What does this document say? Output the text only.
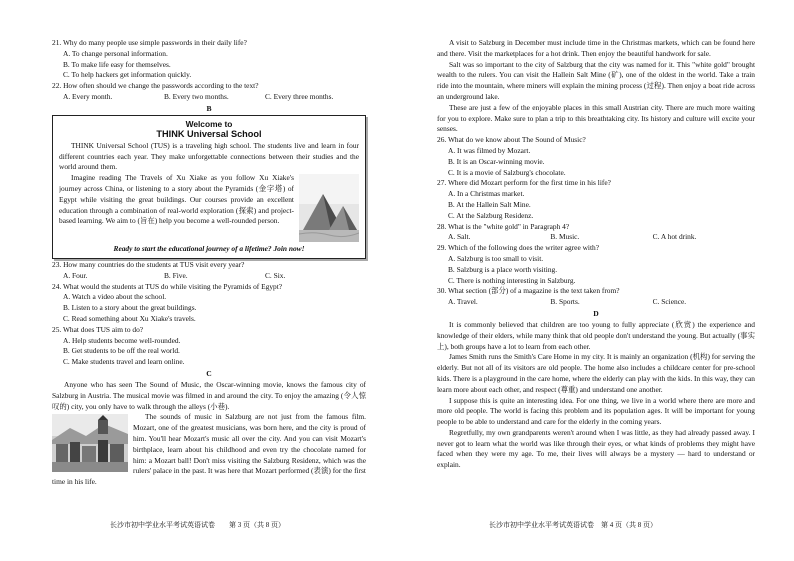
21. Why do many people use simple passwords in their daily life?
A. To change personal information.
B. To make life easy for themselves.
C. To help hackers get information quickly.
22. How often should we change the passwords according to the text?
A. Every month.	B. Every two months.	C. Every three months.
B
Welcome to
THINK Universal School

THINK Universal School (TUS) is a traveling high school. The students live and learn in four different countries each year. They make unforgettable connections between their studies and the world around them.

Imagine reading The Travels of Xu Xiake as you follow Xu Xiake's journey across China, or listening to a story about the Pyramids (金字塔) of Egypt while visiting the great buildings. Our courses provide an excellent education through a combination of real-world exploration (探索) and project-based learning. We aim to (旨在) help you become a well-rounded person.

Ready to start the educational journey of a lifetime? Join now!
23. How many countries do the students at TUS visit every year?
A. Four.	B. Five.	C. Six.
24. What would the students at TUS do while visiting the Pyramids of Egypt?
A. Watch a video about the school.
B. Listen to a story about the great buildings.
C. Read something about Xu Xiake's travels.
25. What does TUS aim to do?
A. Help students become well-rounded.
B. Get students to be off the real world.
C. Make students travel and learn online.
C

Anyone who has seen The Sound of Music, the Oscar-winning movie, knows the famous city of Salzburg in Austria. The musical movie was filmed in and around the city. To enjoy the amazing (令人惊叹的) city, you only have to walk through the alleys (小巷).

The sounds of music in Salzburg are not just from the famous film. Mozart, one of the greatest musicians, was born here, and the city is proud of him. You'll hear Mozart's music all over the city. And you can visit Mozart's birthplace, learn about his childhood and even try the chocolate named for him: a Mozart ball! Don't miss visiting the Salzburg Residenz, which was the rulers' palace in the past. It was here that Mozart performed (表演) for the first time in his life.

长沙市初中学业水平考试英语试卷　　第 3 页（共 8 页）

A visit to Salzburg in December must include time in the Christmas markets, which can be found here and there. Visit the marketplaces for a hot drink. Then enjoy the beautiful handwork for sale.

Salt was so important to the city of Salzburg that the city was named for it. This "white gold" brought wealth to the rulers. You can visit the Hallein Salt Mine (矿), one of the oldest in the world. Take a train ride into the mountain, where miners will explain the mining process (过程). Then enjoy a boat ride across an underground lake.

These are just a few of the enjoyable places in this small Austrian city. There are much more waiting for you to explore. Make sure to plan a trip to this breathtaking city. Its history and culture will excite your senses.

26. What do we know about The Sound of Music?
A. It was filmed by Mozart.
B. It is an Oscar-winning movie.
C. It is a movie of Salzburg's chocolate.
27. Where did Mozart perform for the first time in his life?
A. In a Christmas market.
B. At the Hallein Salt Mine.
C. At the Salzburg Residenz.
28. What is the "white gold" in Paragraph 4?
A. Salt.	B. Music.	C. A hot drink.
29. Which of the following does the writer agree with?
A. Salzburg is too small to visit.
B. Salzburg is a place worth visiting.
C. There is nothing interesting in Salzburg.
30. What section (部分) of a magazine is the text taken from?
A. Travel.	B. Sports.	C. Science.
D

It is commonly believed that children are too young to fully appreciate (欣赏) the experience and knowledge of their elders, while many think that old people don't understand the young. But actually (事实上), both groups have a lot to learn from each other.

James Smith runs the Smith's Care Home in my city. It is mainly an organization (机构) for serving the elderly. But not all of its visitors are old people. The home also includes a childcare center for pre-school kids. There is a playground in the care home, where the elderly can play with the kids. In this way, they can learn more about each other, and respect (尊重) and understand one another.

I suppose this is quite an interesting idea. For one thing, we live in a world where there are more and more old people. The world is facing this problem and its population ages. It will be important for young people to be able to understand and care for the elderly in the coming years.

Regretfully, my own grandparents weren't around when I was little, as they had already passed away. I never got to learn what the world was like through their eyes, or what kinds of problems they might have faced when they were my age. To me, their lives will always be a mystery — hard to understand or explain.

长沙市初中学业水平考试英语试卷　第 4 页（共 8 页）
